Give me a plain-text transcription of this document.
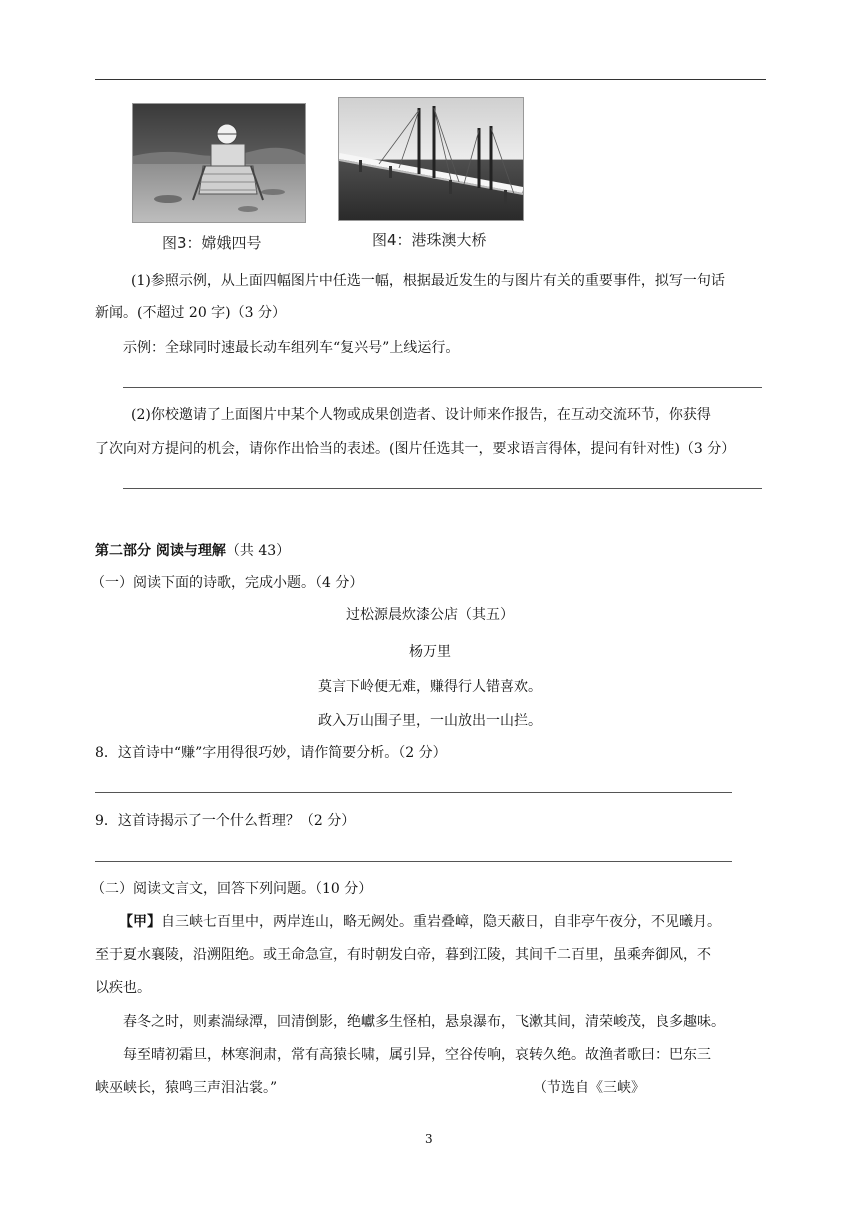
图3：嫦娥四号	图4：港珠澳大桥
(1)参照示例，从上面四幅图片中任选一幅，根据最近发生的与图片有关的重要事件，拟写一句话
新闻。(不超过 20 字)（3 分）
示例：全球同时速最长动车组列车“复兴号”上线运行。
(2)你校邀请了上面图片中某个人物或成果创造者、设计师来作报告，在互动交流环节，你获得
了次向对方提问的机会，请你作出恰当的表述。(图片任选其一，要求语言得体，提问有针对性)（3 分）
第二部分 阅读与理解（共 43）
（一）阅读下面的诗歌，完成小题。（4 分）
过松源晨炊漆公店（其五）
杨万里
莫言下岭便无难，赚得行人错喜欢。
政入万山围子里，一山放出一山拦。
8．这首诗中“赚”字用得很巧妙，请作简要分析。（2 分）
9．这首诗揭示了一个什么哲理？（2 分）
（二）阅读文言文，回答下列问题。（10 分）
【甲】自三峡七百里中，两岸连山，略无阙处。重岩叠嶂，隐天蔽日，自非亭午夜分，不见曦月。
至于夏水襄陵，沿溯阻绝。或王命急宣，有时朝发白帝，暮到江陵，其间千二百里，虽乘奔御风，不
以疾也。
春冬之时，则素湍绿潭，回清倒影，绝巘多生怪柏，悬泉瀑布，飞漱其间，清荣峻茂，良多趣味。
每至晴初霜旦，林寒涧肃，常有高猿长啸，属引异，空谷传响，哀转久绝。故渔者歌曰：巴东三
峡巫峡长，猿鸣三声泪沾裳。”	（节选自《三峡》
3
